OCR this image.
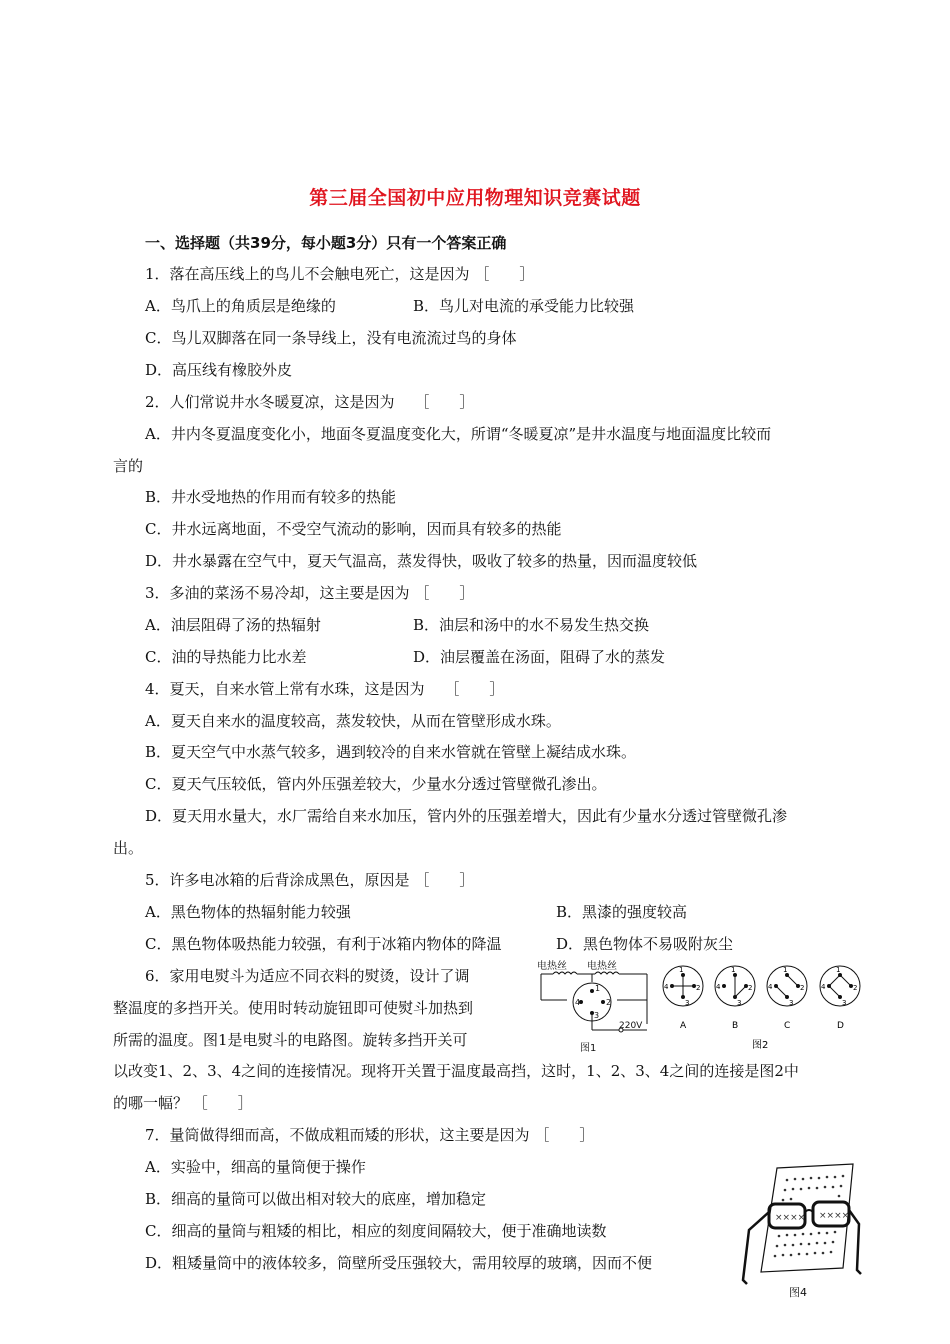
第三届全国初中应用物理知识竞赛试题
一、选择题（共39分，每小题3分）只有一个答案正确
1．落在高压线上的鸟儿不会触电死亡，这是因为 ［　　］
A．鸟爪上的角质层是绝缘的	B．鸟儿对电流的承受能力比较强
C．鸟儿双脚落在同一条导线上，没有电流流过鸟的身体
D．高压线有橡胶外皮
2．人们常说井水冬暖夏凉，这是因为　 ［　　］
A．井内冬夏温度变化小，地面冬夏温度变化大，所谓“冬暖夏凉”是井水温度与地面温度比较而
言的
B．井水受地热的作用而有较多的热能
C．井水远离地面，不受空气流动的影响，因而具有较多的热能
D．井水暴露在空气中，夏天气温高，蒸发得快，吸收了较多的热量，因而温度较低
3．多油的菜汤不易冷却，这主要是因为 ［　　］
A．油层阻碍了汤的热辐射	B．油层和汤中的水不易发生热交换
C．油的导热能力比水差	D．油层覆盖在汤面，阻碍了水的蒸发
4．夏天，自来水管上常有水珠，这是因为　 ［　　］
A．夏天自来水的温度较高，蒸发较快，从而在管壁形成水珠。
B．夏天空气中水蒸气较多，遇到较冷的自来水管就在管壁上凝结成水珠。
C．夏天气压较低，管内外压强差较大，少量水分透过管壁微孔渗出。
D．夏天用水量大，水厂需给自来水加压，管内外的压强差增大，因此有少量水分透过管壁微孔渗
出。
5．许多电冰箱的后背涂成黑色，原因是 ［　　］
A．黑色物体的热辐射能力较强	B．黑漆的强度较高
C．黑色物体吸热能力较强，有利于冰箱内物体的降温	D．黑色物体不易吸附灰尘
6．家用电熨斗为适应不同衣料的熨烫，设计了调
整温度的多挡开关。使用时转动旋钮即可使熨斗加热到
所需的温度。图1是电熨斗的电路图。旋转多挡开关可
以改变1、2、3、4之间的连接情况。现将开关置于温度最高挡，这时，1、2、3、4之间的连接是图2中
的哪一幅？ ［　　］
7．量筒做得细而高，不做成粗而矮的形状，这主要是因为 ［　　］
A．实验中，细高的量筒便于操作
B．细高的量筒可以做出相对较大的底座，增加稳定
C．细高的量筒与粗矮的相比，相应的刻度间隔较大，便于准确地读数
D．粗矮量筒中的液体较多，筒壁所受压强较大，需用较厚的玻璃，因而不便
电热丝 电热丝
1
2
3
4
220V
图1
1
4	2
3
1
4	2
3
1
4	2
3
1
4	2
3
A	B	C	D
图2
×××× ××××
图4
